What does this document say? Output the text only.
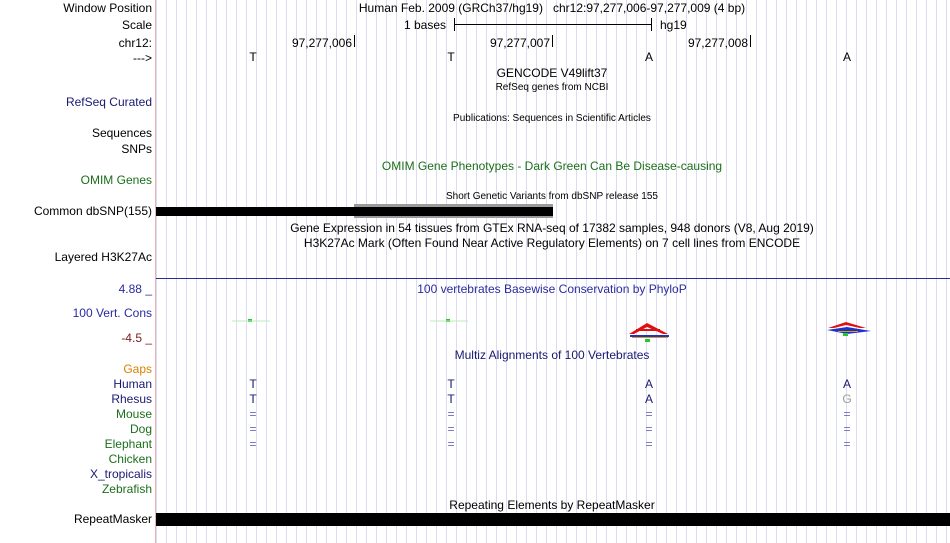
Window Position	Human Feb. 2009 (GRCh37/hg19)   chr12:97,277,006-97,277,009 (4 bp)
Scale	1 bases	hg19
chr12:	97,277,006	97,277,007	97,277,008
--->	T	T	A	A
GENCODE V49lift37
RefSeq genes from NCBI
RefSeq Curated
Publications: Sequences in Scientific Articles
Sequences
SNPs
OMIM Gene Phenotypes - Dark Green Can Be Disease-causing
OMIM Genes
Short Genetic Variants from dbSNP release 155
Common dbSNP(155)
Gene Expression in 54 tissues from GTEx RNA-seq of 17382 samples, 948 donors (V8, Aug 2019)
H3K27Ac Mark (Often Found Near Active Regulatory Elements) on 7 cell lines from ENCODE
Layered H3K27Ac
4.88 _	100 vertebrates Basewise Conservation by PhyloP
100 Vert. Cons
-4.5 _
Multiz Alignments of 100 Vertebrates
Gaps
Human	T	T	A	A
Rhesus	T	T	A	G
Mouse	=	=	=	=
Dog	=	=	=	=
Elephant	=	=	=	=
Chicken
X_tropicalis
Zebrafish
Repeating Elements by RepeatMasker
RepeatMasker
